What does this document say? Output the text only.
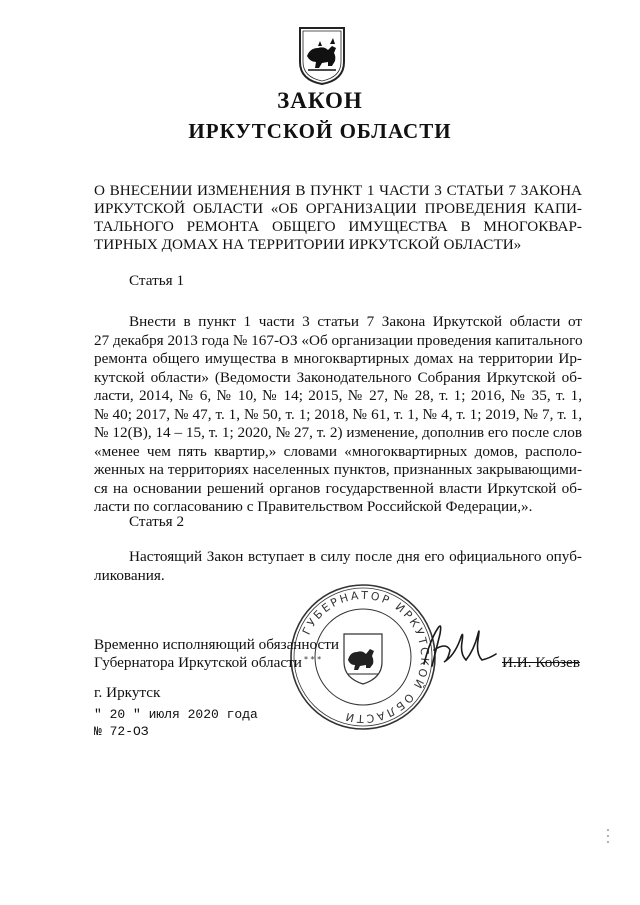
ЗАКОН
ИРКУТСКОЙ ОБЛАСТИ
О ВНЕСЕНИИ ИЗМЕНЕНИЯ В ПУНКТ 1 ЧАСТИ 3 СТАТЬИ 7 ЗАКОНА
ИРКУТСКОЙ ОБЛАСТИ «ОБ ОРГАНИЗАЦИИ ПРОВЕДЕНИЯ КАПИ-
ТАЛЬНОГО РЕМОНТА ОБЩЕГО ИМУЩЕСТВА В МНОГОКВАР-
ТИРНЫХ ДОМАХ НА ТЕРРИТОРИИ ИРКУТСКОЙ ОБЛАСТИ»
Статья 1
Внести в пункт 1 части 3 статьи 7 Закона Иркутской области от
27 декабря 2013 года № 167-ОЗ «Об организации проведения капитального
ремонта общего имущества в многоквартирных домах на территории Ир-
кутской области» (Ведомости Законодательного Собрания Иркутской об-
ласти, 2014, № 6, № 10, № 14; 2015, № 27, № 28, т. 1; 2016, № 35, т. 1,
№ 40; 2017, № 47, т. 1, № 50, т. 1; 2018, № 61, т. 1, № 4, т. 1; 2019, № 7, т. 1,
№ 12(В), 14 – 15, т. 1; 2020, № 27, т. 2) изменение, дополнив его после слов
«менее чем пять квартир,» словами «многоквартирных домов, располо-
женных на территориях населенных пунктов, признанных закрывающими-
ся на основании решений органов государственной власти Иркутской об-
ласти по согласованию с Правительством Российской Федерации,».
Статья 2
Настоящий Закон вступает в силу после дня его официального опуб-
ликования.
ГУБЕРНАТОР ИРКУТСКОЙ ОБЛАСТИ
* * *
Временно исполняющий обязанности
Губернатора Иркутской области	И.И. Кобзев
г. Иркутск
" 20 " июля 2020 года
№ 72-ОЗ
